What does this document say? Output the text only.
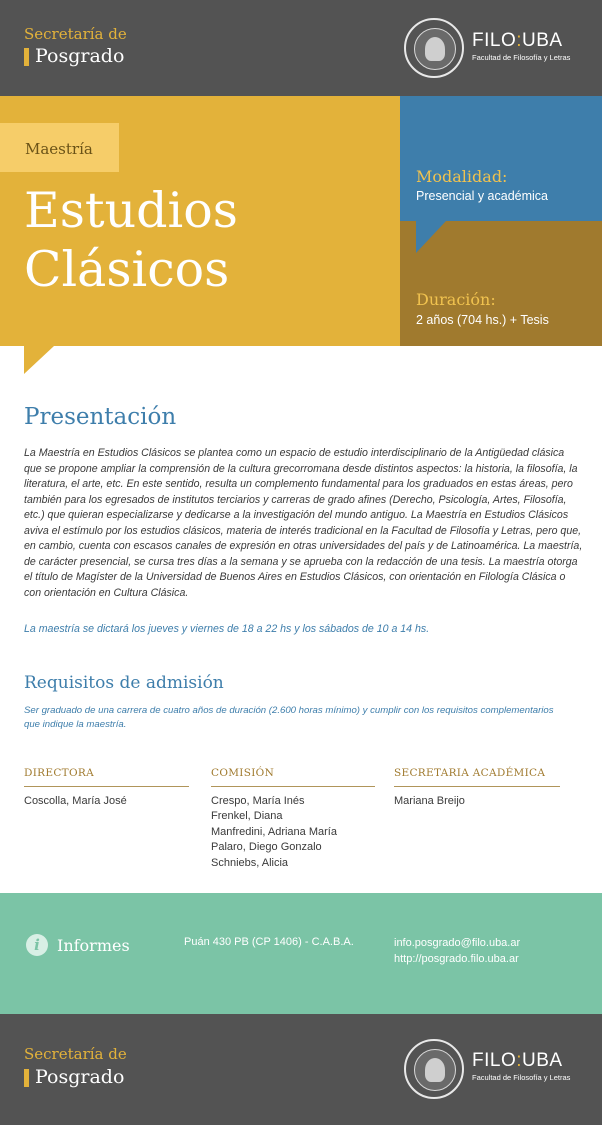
Secretaría de
Posgrado
FILO:UBA
Facultad de Filosofía y Letras
Maestría
Estudios
Clásicos
Modalidad:
Presencial y académica
Duración:
2 años (704 hs.) + Tesis
Presentación
La Maestría en Estudios Clásicos se plantea como un espacio de estudio interdisciplinario de la Antigüedad clásica que se propone ampliar la comprensión de la cultura grecorromana desde distintos aspectos: la historia, la filosofía, la literatura, el arte, etc. En este sentido, resulta un complemento fundamental para los graduados en estas áreas, pero también para los egresados de institutos terciarios y carreras de grado afines (Derecho, Psicología, Artes, Filosofía, etc.) que quieran especializarse y dedicarse a la investigación del mundo antiguo. La Maestría en Estudios Clásicos aviva el estímulo por los estudios clásicos, materia de interés tradicional en la Facultad de Filosofía y Letras, pero que, en cambio, cuenta con escasos canales de expresión en otras universidades del país y de Latinoamérica. La maestría, de carácter presencial, se cursa tres días a la semana y se aprueba con la redacción de una tesis. La maestría otorga el título de Magíster de la Universidad de Buenos Aires en Estudios Clásicos, con orientación en Filología Clásica o con orientación en Cultura Clásica.
La maestría se dictará los jueves y viernes de 18 a 22 hs y los sábados de 10 a 14 hs.
Requisitos de admisión
Ser graduado de una carrera de cuatro años de duración (2.600 horas mínimo) y cumplir con los requisitos complementarios que indique la maestría.
DIRECTORA
Coscolla, María José
COMISIÓN
Crespo, María Inés
Frenkel, Diana
Manfredini, Adriana María
Palaro, Diego Gonzalo
Schniebs, Alicia
SECRETARIA ACADÉMICA
Mariana Breijo
i	Informes	Puán 430 PB (CP 1406) - C.A.B.A.	info.posgrado@filo.uba.ar
http://posgrado.filo.uba.ar
Secretaría de
Posgrado
FILO:UBA
Facultad de Filosofía y Letras
